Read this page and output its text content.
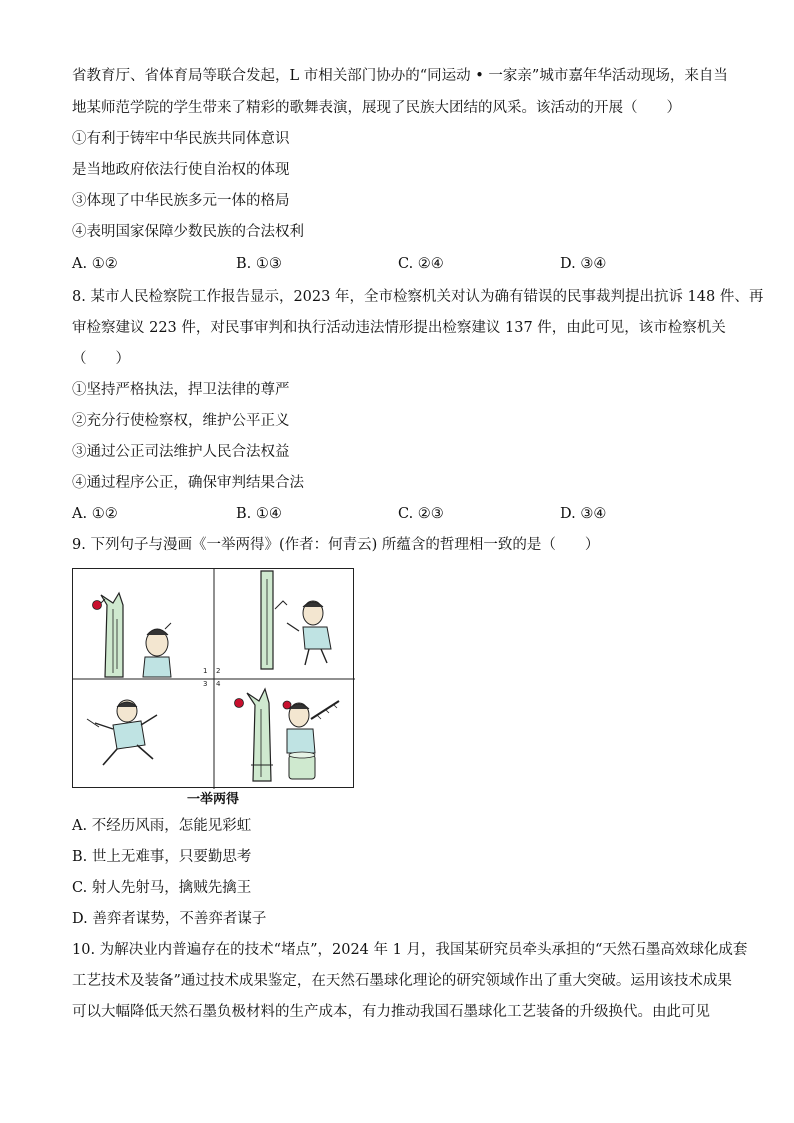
省教育厅、省体育局等联合发起，L 市相关部门协办的“同运动 • 一家亲”城市嘉年华活动现场，来自当
地某师范学院的学生带来了精彩的歌舞表演，展现了民族大团结的风采。该活动的开展（　　）
①有利于铸牢中华民族共同体意识
是当地政府依法行使自治权的体现
③体现了中华民族多元一体的格局
④表明国家保障少数民族的合法权利
A. ①②	B. ①③	C. ②④	D. ③④
8. 某市人民检察院工作报告显示，2023 年，全市检察机关对认为确有错误的民事裁判提出抗诉 148 件、再
审检察建议 223 件，对民事审判和执行活动违法情形提出检察建议 137 件，由此可见，该市检察机关
（　　）
①坚持严格执法，捍卫法律的尊严
②充分行使检察权，维护公平正义
③通过公正司法维护人民合法权益
④通过程序公正，确保审判结果合法
A. ①②	B. ①④	C. ②③	D. ③④
9. 下列句子与漫画《一举两得》(作者：何青云) 所蕴含的哲理相一致的是（　　）
1 2
3 4
一举两得
A. 不经历风雨，怎能见彩虹
B. 世上无难事，只要勤思考
C. 射人先射马，擒贼先擒王
D. 善弈者谋势，不善弈者谋子
10. 为解决业内普遍存在的技术“堵点”，2024 年 1 月，我国某研究员牵头承担的“天然石墨高效球化成套
工艺技术及装备”通过技术成果鉴定，在天然石墨球化理论的研究领域作出了重大突破。运用该技术成果
可以大幅降低天然石墨负极材料的生产成本，有力推动我国石墨球化工艺装备的升级换代。由此可见
